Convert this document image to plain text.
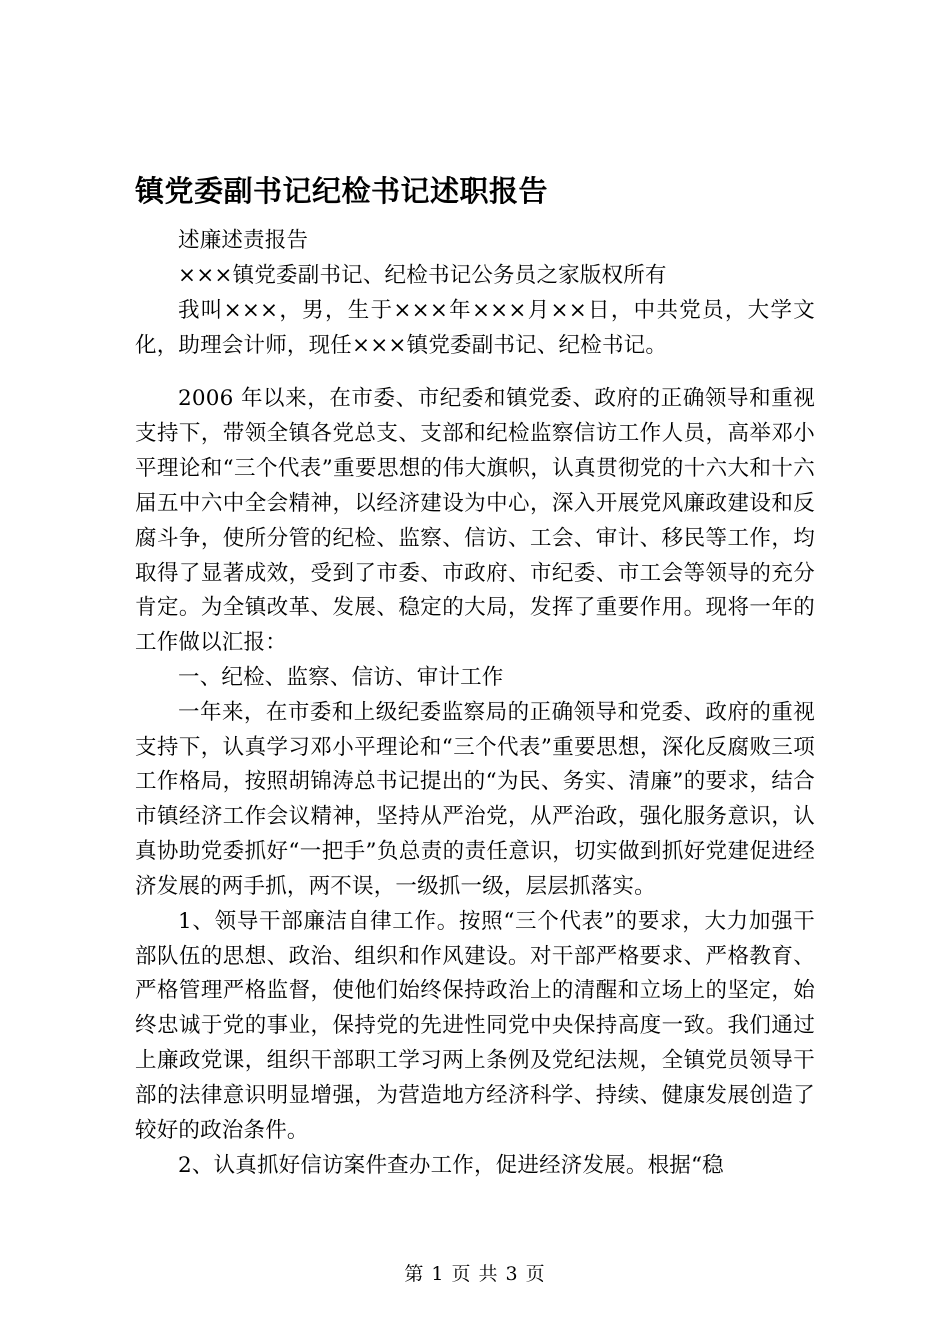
镇党委副书记纪检书记述职报告

述廉述责报告

×××镇党委副书记、纪检书记公务员之家版权所有

我叫×××，男，生于×××年×××月××日，中共党员，大学文化，助理会计师，现任×××镇党委副书记、纪检书记。

2006 年以来，在市委、市纪委和镇党委、政府的正确领导和重视支持下，带领全镇各党总支、支部和纪检监察信访工作人员，高举邓小平理论和“三个代表”重要思想的伟大旗帜，认真贯彻党的十六大和十六届五中六中全会精神，以经济建设为中心，深入开展党风廉政建设和反腐斗争，使所分管的纪检、监察、信访、工会、审计、移民等工作，均取得了显著成效，受到了市委、市政府、市纪委、市工会等领导的充分肯定。为全镇改革、发展、稳定的大局，发挥了重要作用。现将一年的工作做以汇报：

一、纪检、监察、信访、审计工作

一年来，在市委和上级纪委监察局的正确领导和党委、政府的重视支持下，认真学习邓小平理论和“三个代表”重要思想，深化反腐败三项工作格局，按照胡锦涛总书记提出的“为民、务实、清廉”的要求，结合市镇经济工作会议精神，坚持从严治党，从严治政，强化服务意识，认真协助党委抓好“一把手”负总责的责任意识，切实做到抓好党建促进经济发展的两手抓，两不误，一级抓一级，层层抓落实。

1、领导干部廉洁自律工作。按照“三个代表”的要求，大力加强干部队伍的思想、政治、组织和作风建设。对干部严格要求、严格教育、严格管理严格监督，使他们始终保持政治上的清醒和立场上的坚定，始终忠诚于党的事业，保持党的先进性同党中央保持高度一致。我们通过上廉政党课，组织干部职工学习两上条例及党纪法规，全镇党员领导干部的法律意识明显增强，为营造地方经济科学、持续、健康发展创造了较好的政治条件。

2、认真抓好信访案件查办工作，促进经济发展。根据“稳

第 1 页 共 3 页
